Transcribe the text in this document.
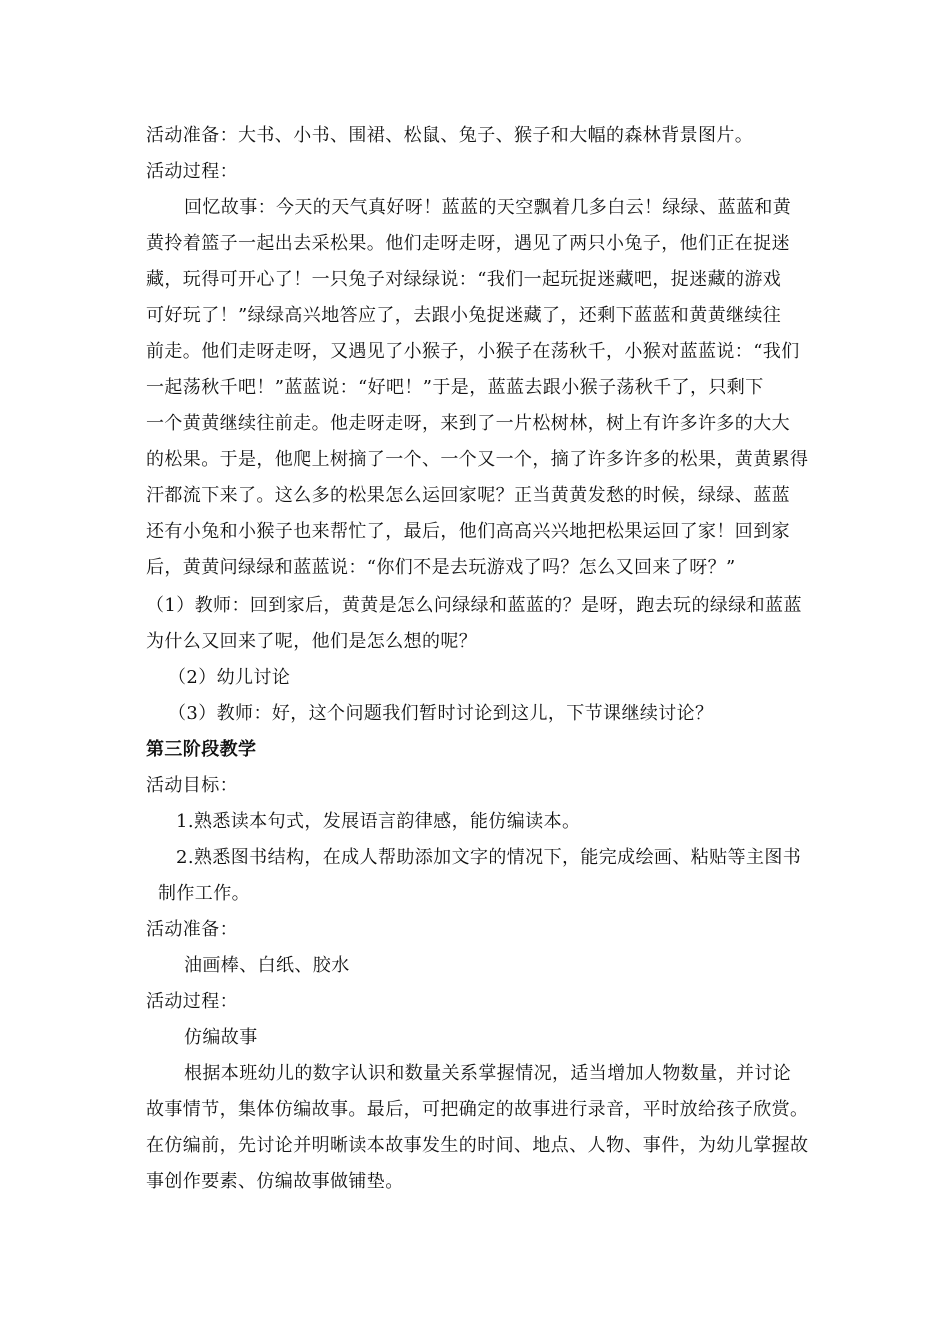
活动准备：大书、小书、围裙、松鼠、兔子、猴子和大幅的森林背景图片。
活动过程：
回忆故事：今天的天气真好呀！蓝蓝的天空飘着几多白云！绿绿、蓝蓝和黄
黄拎着篮子一起出去采松果。他们走呀走呀，遇见了两只小兔子，他们正在捉迷
藏，玩得可开心了！一只兔子对绿绿说：“我们一起玩捉迷藏吧，捉迷藏的游戏
可好玩了！”绿绿高兴地答应了，去跟小兔捉迷藏了，还剩下蓝蓝和黄黄继续往
前走。他们走呀走呀，又遇见了小猴子，小猴子在荡秋千，小猴对蓝蓝说：“我们
一起荡秋千吧！”蓝蓝说：“好吧！”于是，蓝蓝去跟小猴子荡秋千了，只剩下
一个黄黄继续往前走。他走呀走呀，来到了一片松树林，树上有许多许多的大大
的松果。于是，他爬上树摘了一个、一个又一个，摘了许多许多的松果，黄黄累得
汗都流下来了。这么多的松果怎么运回家呢？正当黄黄发愁的时候，绿绿、蓝蓝
还有小兔和小猴子也来帮忙了，最后，他们高高兴兴地把松果运回了家！回到家
后，黄黄问绿绿和蓝蓝说：“你们不是去玩游戏了吗？怎么又回来了呀？”
（1）教师：回到家后，黄黄是怎么问绿绿和蓝蓝的？是呀，跑去玩的绿绿和蓝蓝
为什么又回来了呢，他们是怎么想的呢？
（2）幼儿讨论
（3）教师：好，这个问题我们暂时讨论到这儿，下节课继续讨论？
第三阶段教学
活动目标：
1.熟悉读本句式，发展语言韵律感，能仿编读本。
2.熟悉图书结构，在成人帮助添加文字的情况下，能完成绘画、粘贴等主图书
制作工作。
活动准备：
油画棒、白纸、胶水
活动过程：
仿编故事
根据本班幼儿的数字认识和数量关系掌握情况，适当增加人物数量，并讨论
故事情节，集体仿编故事。最后，可把确定的故事进行录音，平时放给孩子欣赏。
在仿编前，先讨论并明晰读本故事发生的时间、地点、人物、事件，为幼儿掌握故
事创作要素、仿编故事做铺垫。
